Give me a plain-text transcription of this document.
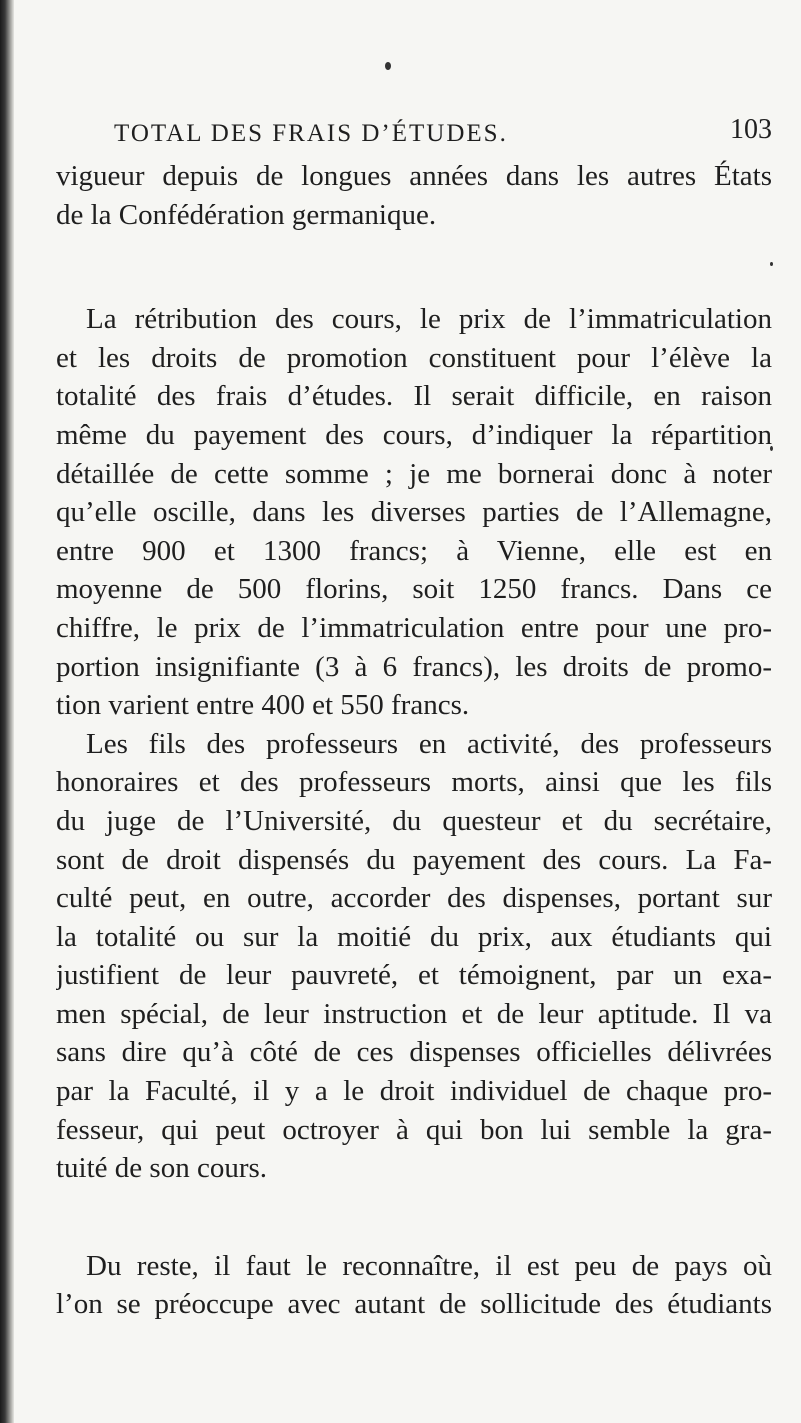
TOTAL DES FRAIS D’ÉTUDES.	103
vigueur depuis de longues années dans les autres États
de la Confédération germanique.
La rétribution des cours, le prix de l’immatriculation
et les droits de promotion constituent pour l’élève la
totalité des frais d’études. Il serait difficile, en raison
même du payement des cours, d’indiquer la répartition
détaillée de cette somme ; je me bornerai donc à noter
qu’elle oscille, dans les diverses parties de l’Allemagne,
entre 900 et 1300 francs; à Vienne, elle est en
moyenne de 500 florins, soit 1250 francs. Dans ce
chiffre, le prix de l’immatriculation entre pour une pro-
portion insignifiante (3 à 6 francs), les droits de promo-
tion varient entre 400 et 550 francs.
Les fils des professeurs en activité, des professeurs
honoraires et des professeurs morts, ainsi que les fils
du juge de l’Université, du questeur et du secrétaire,
sont de droit dispensés du payement des cours. La Fa-
culté peut, en outre, accorder des dispenses, portant sur
la totalité ou sur la moitié du prix, aux étudiants qui
justifient de leur pauvreté, et témoignent, par un exa-
men spécial, de leur instruction et de leur aptitude. Il va
sans dire qu’à côté de ces dispenses officielles délivrées
par la Faculté, il y a le droit individuel de chaque pro-
fesseur, qui peut octroyer à qui bon lui semble la gra-
tuité de son cours.
Du reste, il faut le reconnaître, il est peu de pays où
l’on se préoccupe avec autant de sollicitude des étudiants
